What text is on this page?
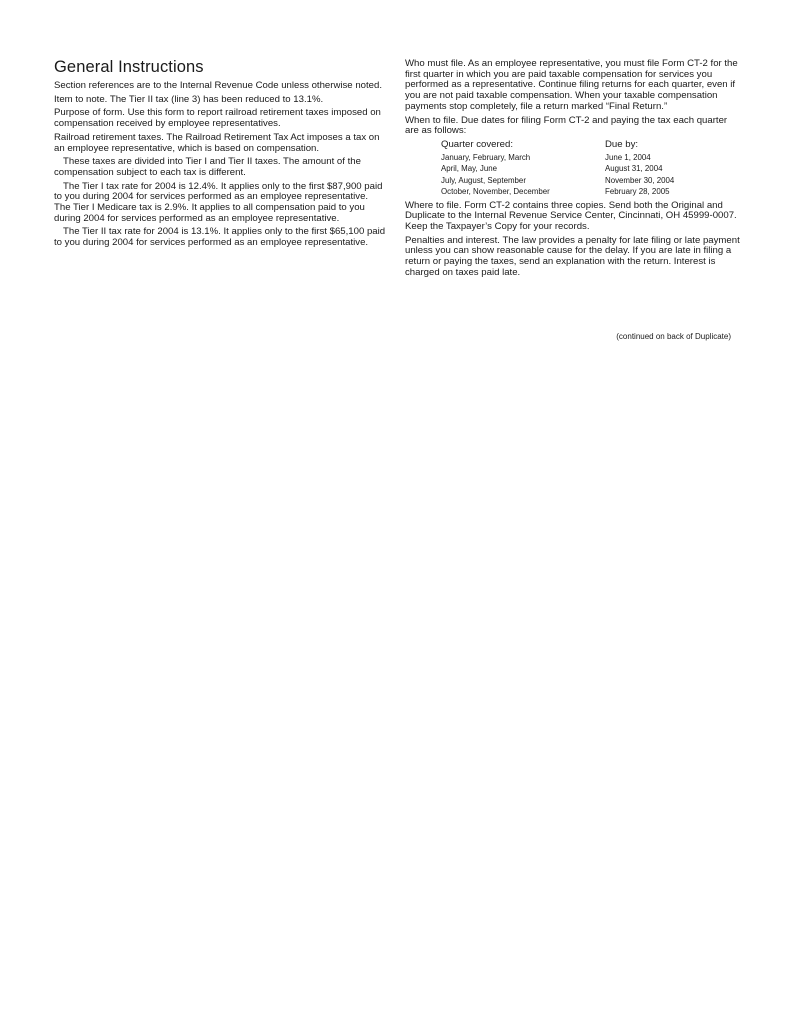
General Instructions

Section references are to the Internal Revenue Code unless otherwise noted.

Item to note. The Tier II tax (line 3) has been reduced to 13.1%.

Purpose of form. Use this form to report railroad retirement taxes imposed on compensation received by employee representatives.

Railroad retirement taxes. The Railroad Retirement Tax Act imposes a tax on an employee representative, which is based on compensation.

These taxes are divided into Tier I and Tier II taxes. The amount of the compensation subject to each tax is different.

The Tier I tax rate for 2004 is 12.4%. It applies only to the first $87,900 paid to you during 2004 for services performed as an employee representative. The Tier I Medicare tax is 2.9%. It applies to all compensation paid to you during 2004 for services performed as an employee representative.

The Tier II tax rate for 2004 is 13.1%. It applies only to the first $65,100 paid to you during 2004 for services performed as an employee representative.

Who must file. As an employee representative, you must file Form CT-2 for the first quarter in which you are paid taxable compensation for services you performed as a representative. Continue filing returns for each quarter, even if you are not paid taxable compensation. When your taxable compensation payments stop completely, file a return marked “Final Return.”

When to file. Due dates for filing Form CT-2 and paying the tax each quarter are as follows:

Quarter covered:	Due by:
January, February, March	June 1, 2004
April, May, June	August 31, 2004
July, August, September	November 30, 2004
October, November, December	February 28, 2005

Where to file. Form CT-2 contains three copies. Send both the Original and Duplicate to the Internal Revenue Service Center, Cincinnati, OH 45999-0007. Keep the Taxpayer’s Copy for your records.

Penalties and interest. The law provides a penalty for late filing or late payment unless you can show reasonable cause for the delay. If you are late in filing a return or paying the taxes, send an explanation with the return. Interest is charged on taxes paid late.

(continued on back of Duplicate)
